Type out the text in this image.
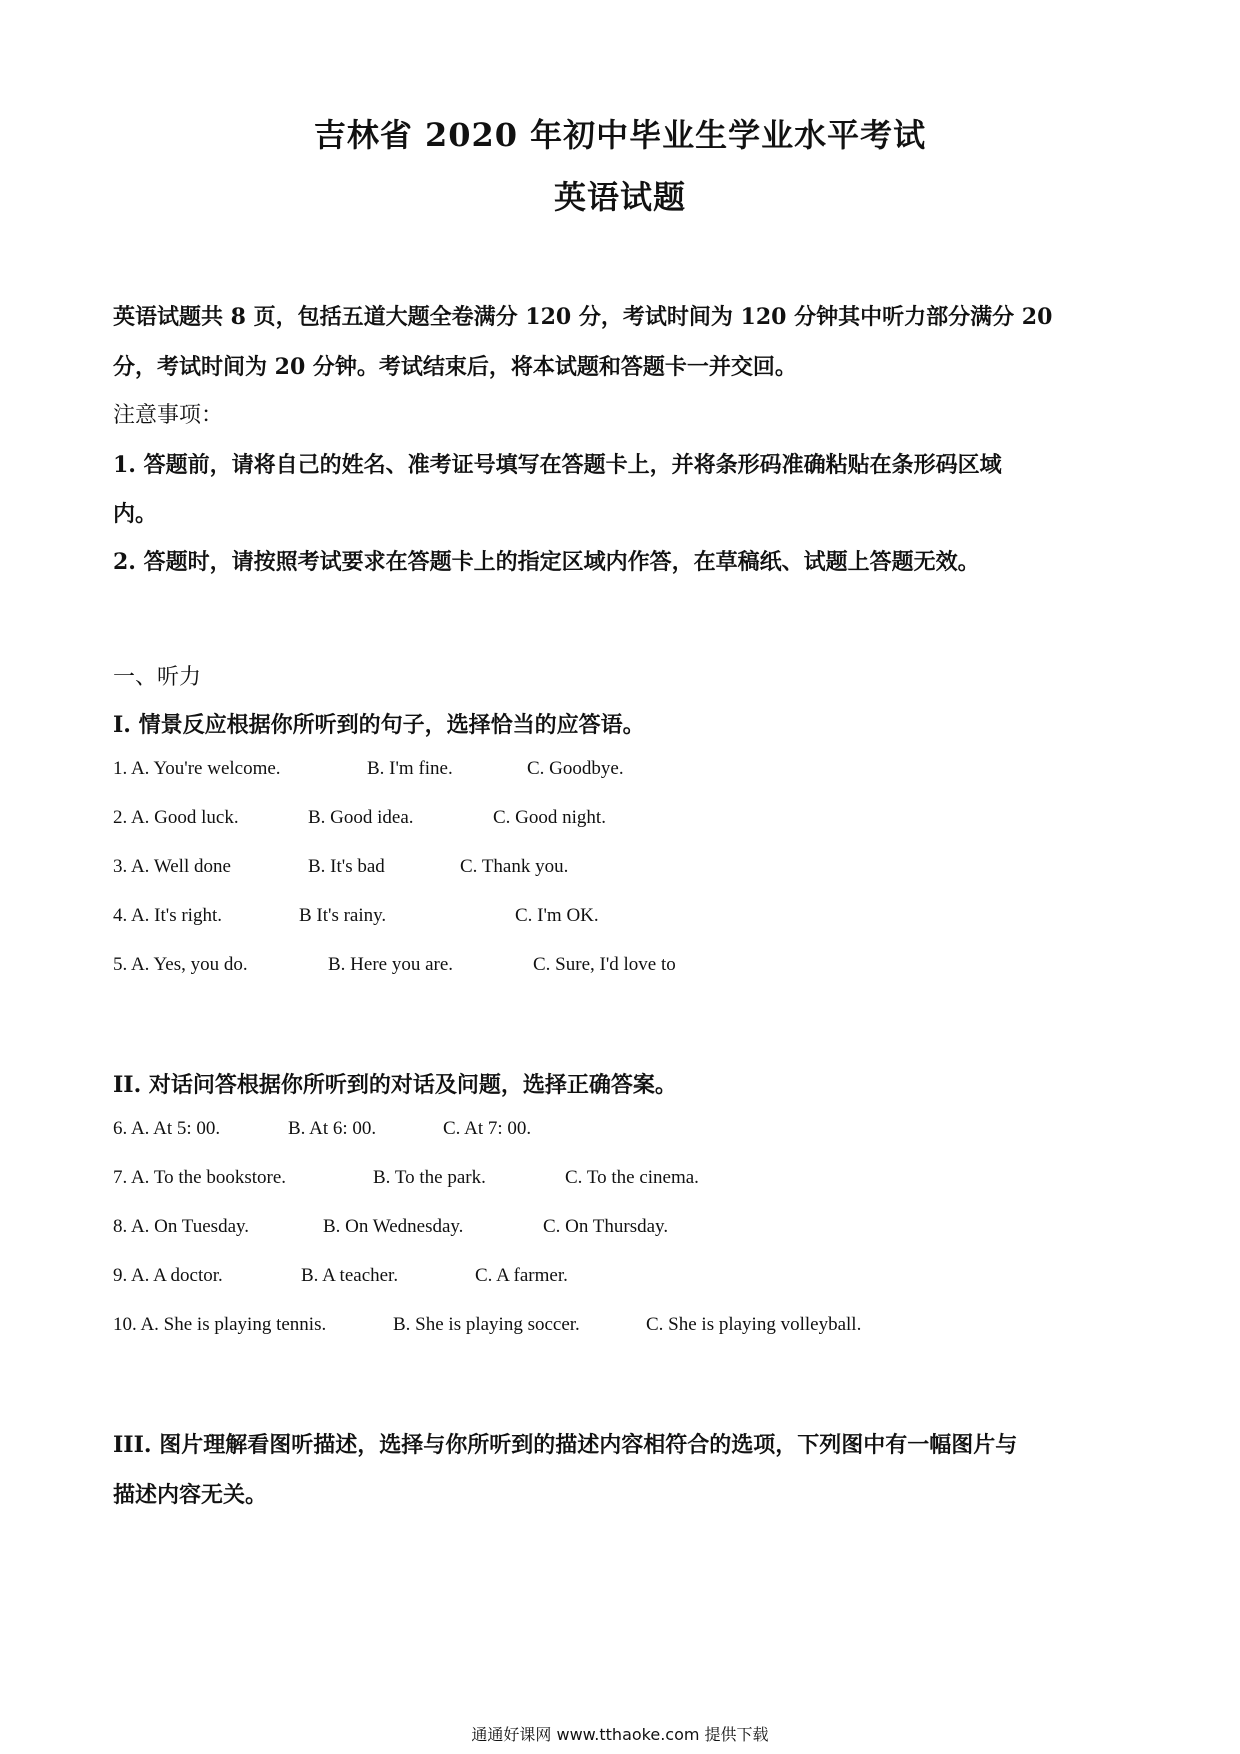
吉林省 2020 年初中毕业生学业水平考试
英语试题
英语试题共 8 页，包括五道大题全卷满分 120 分，考试时间为 120 分钟其中听力部分满分 20
分，考试时间为 20 分钟。考试结束后，将本试题和答题卡一并交回。
注意事项：
1. 答题前，请将自己的姓名、准考证号填写在答题卡上，并将条形码准确粘贴在条形码区域
内。
2. 答题时，请按照考试要求在答题卡上的指定区域内作答，在草稿纸、试题上答题无效。
一、听力
I. 情景反应根据你所听到的句子，选择恰当的应答语。
1. A. You're welcome.	B. I'm fine.	C. Goodbye.
2. A. Good luck.	B. Good idea.	C. Good night.
3. A. Well done	B. It's bad	C. Thank you.
4. A. It's right.	B It's rainy.	C. I'm OK.
5. A. Yes, you do.	B. Here you are.	C. Sure, I'd love to
II. 对话问答根据你所听到的对话及问题，选择正确答案。
6. A. At 5: 00.	B. At 6: 00.	C. At 7: 00.
7. A. To the bookstore.	B. To the park.	C. To the cinema.
8. A. On Tuesday.	B. On Wednesday.	C. On Thursday.
9. A. A doctor.	B. A teacher.	C. A farmer.
10. A. She is playing tennis.	B. She is playing soccer.	C. She is playing volleyball.
III. 图片理解看图听描述，选择与你所听到的描述内容相符合的选项，下列图中有一幅图片与
描述内容无关。
通通好课网 www.tthaoke.com 提供下载
